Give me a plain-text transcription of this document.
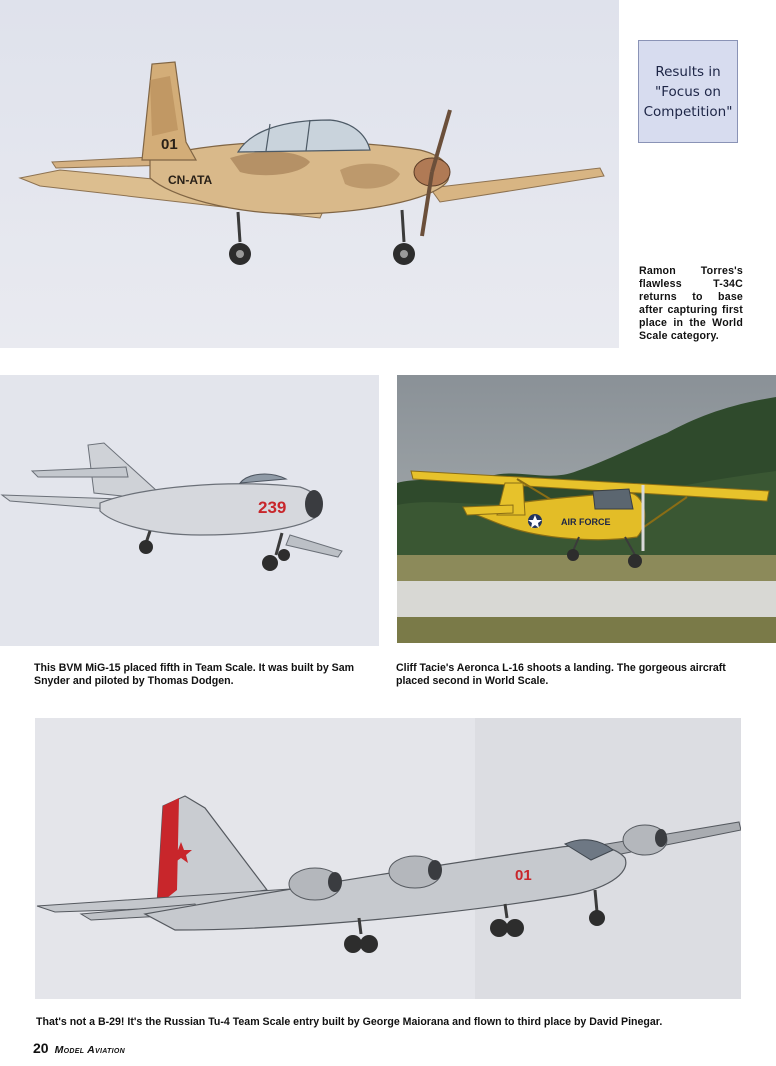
01
CN-ATA
Results in
"Focus on
Competition"
Ramon Torres's flawless T-34C returns to base after capturing first place in the World Scale category.
239
AIR FORCE
This BVM MiG-15 placed fifth in Team Scale. It was built by Sam Snyder and piloted by Thomas Dodgen.
Cliff Tacie's Aeronca L-16 shoots a landing. The gorgeous aircraft placed second in World Scale.
01
That's not a B-29! It's the Russian Tu-4 Team Scale entry built by George Maiorana and flown to third place by David Pinegar.
20 Model Aviation
